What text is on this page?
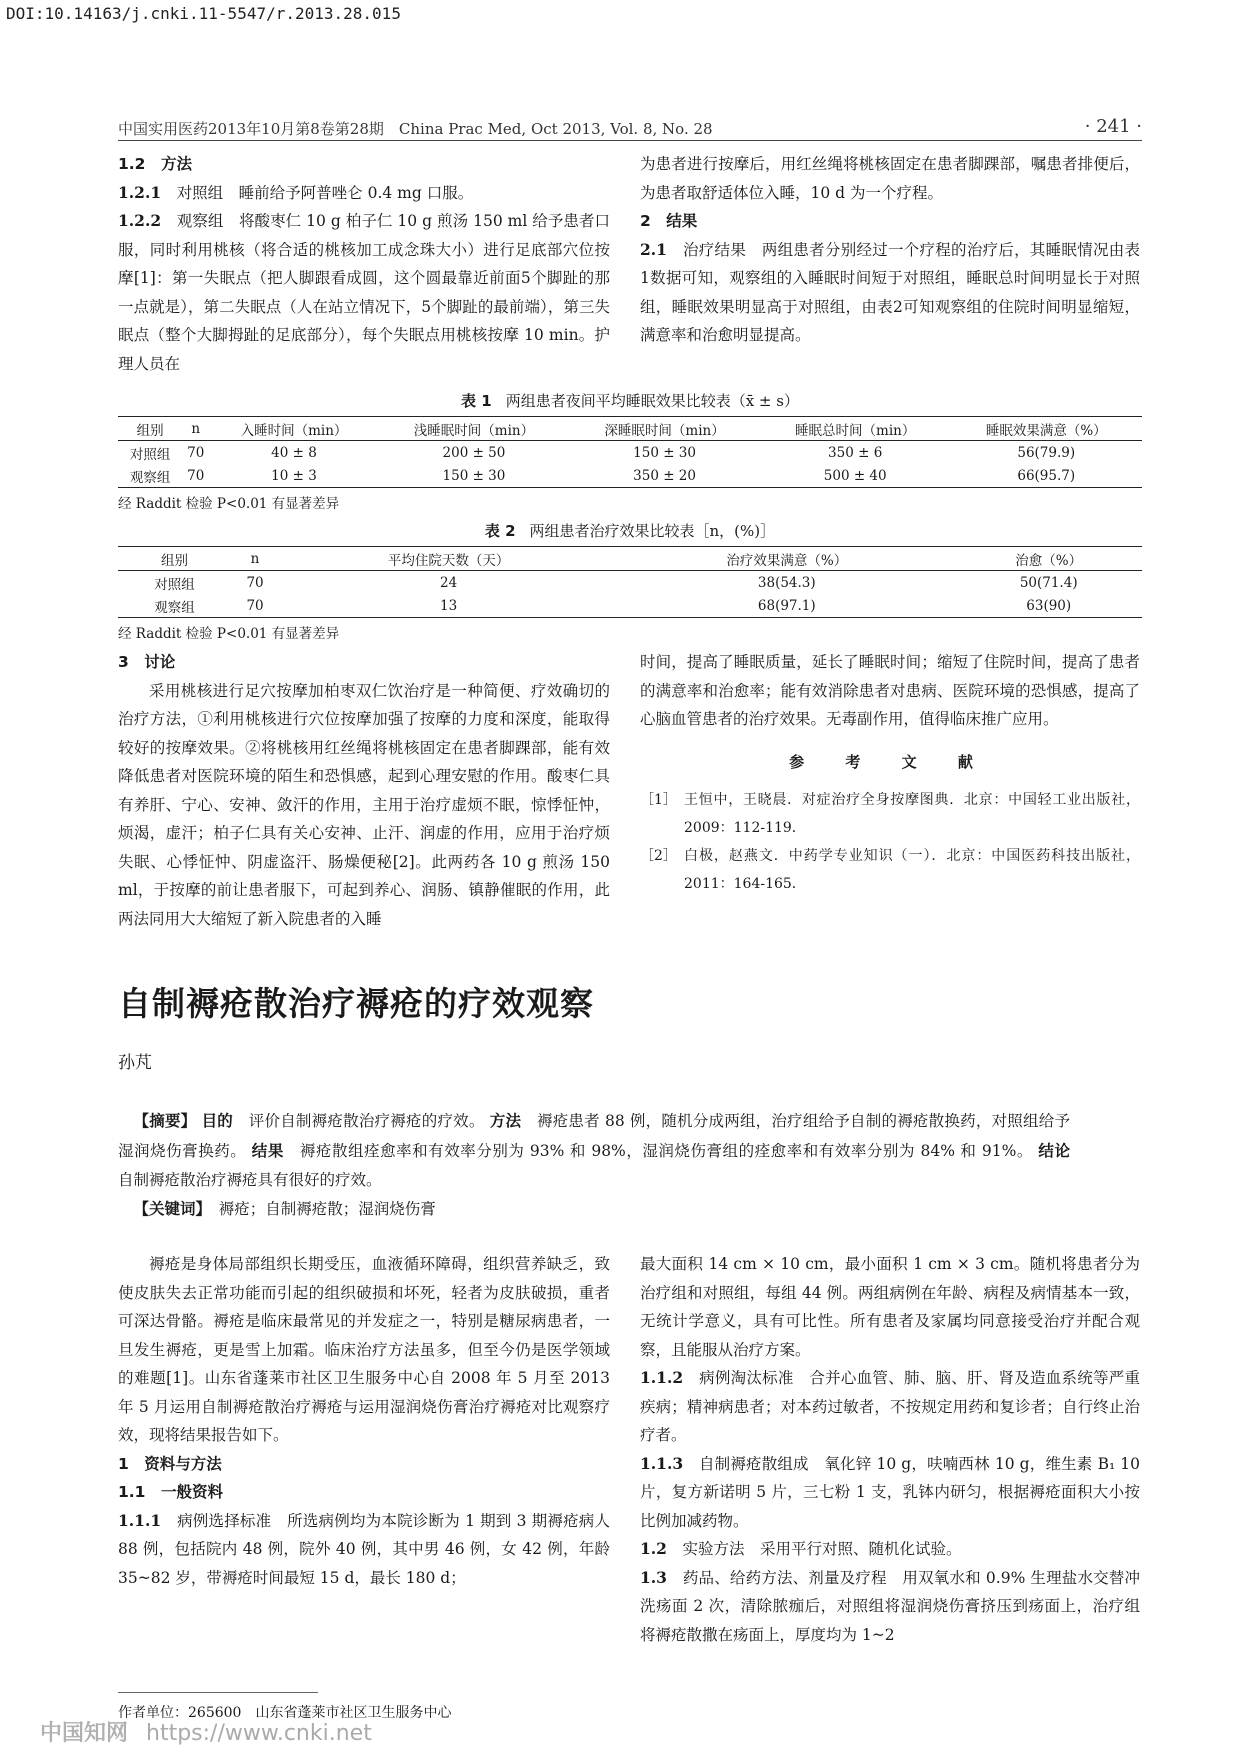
DOI:10.14163/j.cnki.11-5547/r.2013.28.015
中国实用医药2013年10月第8卷第28期　China Prac Med, Oct 2013, Vol. 8, No. 28	· 241 ·

1.2　方法

1.2.1　对照组　睡前给予阿普唑仑 0.4 mg 口服。

1.2.2　观察组　将酸枣仁 10 g 柏子仁 10 g 煎汤 150 ml 给予患者口服，同时利用桃核（将合适的桃核加工成念珠大小）进行足底部穴位按摩[1]：第一失眠点（把人脚跟看成圆，这个圆最靠近前面5个脚趾的那一点就是），第二失眠点（人在站立情况下，5个脚趾的最前端），第三失眠点（整个大脚拇趾的足底部分），每个失眠点用桃核按摩 10 min。护理人员在

为患者进行按摩后，用红丝绳将桃核固定在患者脚踝部，嘱患者排便后，为患者取舒适体位入睡，10 d 为一个疗程。

2　结果

2.1　治疗结果　两组患者分别经过一个疗程的治疗后，其睡眠情况由表1数据可知，观察组的入睡眠时间短于对照组，睡眠总时间明显长于对照组，睡眠效果明显高于对照组，由表2可知观察组的住院时间明显缩短，满意率和治愈明显提高。

表 1 两组患者夜间平均睡眠效果比较表（x̄ ± s）
组别	n	入睡时间（min）	浅睡眠时间（min）	深睡眠时间（min）	睡眠总时间（min）	睡眠效果满意（%）
对照组	70	40 ± 8	200 ± 50	150 ± 30	350 ± 6	56(79.9)
观察组	70	10 ± 3	150 ± 30	350 ± 20	500 ± 40	66(95.7)
经 Raddit 检验 P<0.01 有显著差异
表 2 两组患者治疗效果比较表［n，(%)］
组别	n	平均住院天数（天）	治疗效果满意（%）	治愈（%）
对照组	70	24	38(54.3)	50(71.4)
观察组	70	13	68(97.1)	63(90)
经 Raddit 检验 P<0.01 有显著差异

3　讨论

采用桃核进行足穴按摩加柏枣双仁饮治疗是一种简便、疗效确切的治疗方法，①利用桃核进行穴位按摩加强了按摩的力度和深度，能取得较好的按摩效果。②将桃核用红丝绳将桃核固定在患者脚踝部，能有效降低患者对医院环境的陌生和恐惧感，起到心理安慰的作用。酸枣仁具有养肝、宁心、安神、敛汗的作用，主用于治疗虚烦不眠，惊悸怔忡，烦渴，虚汗；柏子仁具有关心安神、止汗、润虚的作用，应用于治疗烦失眠、心悸怔忡、阴虚盗汗、肠燥便秘[2]。此两药各 10 g 煎汤 150 ml，于按摩的前让患者服下，可起到养心、润肠、镇静催眠的作用，此两法同用大大缩短了新入院患者的入睡

时间，提高了睡眠质量，延长了睡眠时间；缩短了住院时间，提高了患者的满意率和治愈率；能有效消除患者对患病、医院环境的恐惧感，提高了心脑血管患者的治疗效果。无毒副作用，值得临床推广应用。

参 考 文 献

［1］ 王恒中，王晓晨．对症治疗全身按摩图典．北京：中国轻工业出版社，2009：112-119．
［2］ 白极，赵燕文．中药学专业知识（一）．北京：中国医药科技出版社，2011：164-165．
自制褥疮散治疗褥疮的疗效观察
孙芃

【摘要】 目的　 评价自制褥疮散治疗褥疮的疗效。 方法　 褥疮患者 88 例，随机分成两组，治疗组给予自制的褥疮散换药，对照组给予湿润烧伤膏换药。 结果　 褥疮散组痊愈率和有效率分别为 93% 和 98%，湿润烧伤膏组的痊愈率和有效率分别为 84% 和 91%。 结论　自制褥疮散治疗褥疮具有很好的疗效。

【关键词】　 褥疮；自制褥疮散；湿润烧伤膏

褥疮是身体局部组织长期受压，血液循环障碍，组织营养缺乏，致使皮肤失去正常功能而引起的组织破损和坏死，轻者为皮肤破损，重者可深达骨骼。褥疮是临床最常见的并发症之一，特别是糖尿病患者，一旦发生褥疮，更是雪上加霜。临床治疗方法虽多，但至今仍是医学领域的难题[1]。山东省蓬莱市社区卫生服务中心自 2008 年 5 月至 2013 年 5 月运用自制褥疮散治疗褥疮与运用湿润烧伤膏治疗褥疮对比观察疗效，现将结果报告如下。

1　资料与方法

1.1　一般资料

1.1.1　病例选择标准　所选病例均为本院诊断为 1 期到 3 期褥疮病人 88 例，包括院内 48 例，院外 40 例，其中男 46 例，女 42 例，年龄 35~82 岁，带褥疮时间最短 15 d，最长 180 d；

最大面积 14 cm × 10 cm，最小面积 1 cm × 3 cm。随机将患者分为治疗组和对照组，每组 44 例。两组病例在年龄、病程及病情基本一致，无统计学意义，具有可比性。所有患者及家属均同意接受治疗并配合观察，且能服从治疗方案。

1.1.2　病例淘汰标准　合并心血管、肺、脑、肝、肾及造血系统等严重疾病；精神病患者；对本药过敏者，不按规定用药和复诊者；自行终止治疗者。

1.1.3　自制褥疮散组成　氧化锌 10 g，呋喃西林 10 g，维生素 B₁ 10 片，复方新诺明 5 片，三七粉 1 支，乳钵内研匀，根据褥疮面积大小按比例加减药物。

1.2　实验方法　采用平行对照、随机化试验。

1.3　药品、给药方法、剂量及疗程　用双氧水和 0.9% 生理盐水交替冲洗疡面 2 次，清除脓痂后，对照组将湿润烧伤膏挤压到疡面上，治疗组将褥疮散撒在疡面上，厚度均为 1~2

作者单位：265600　山东省蓬莱市社区卫生服务中心
中国知网 https://www.cnki.net
